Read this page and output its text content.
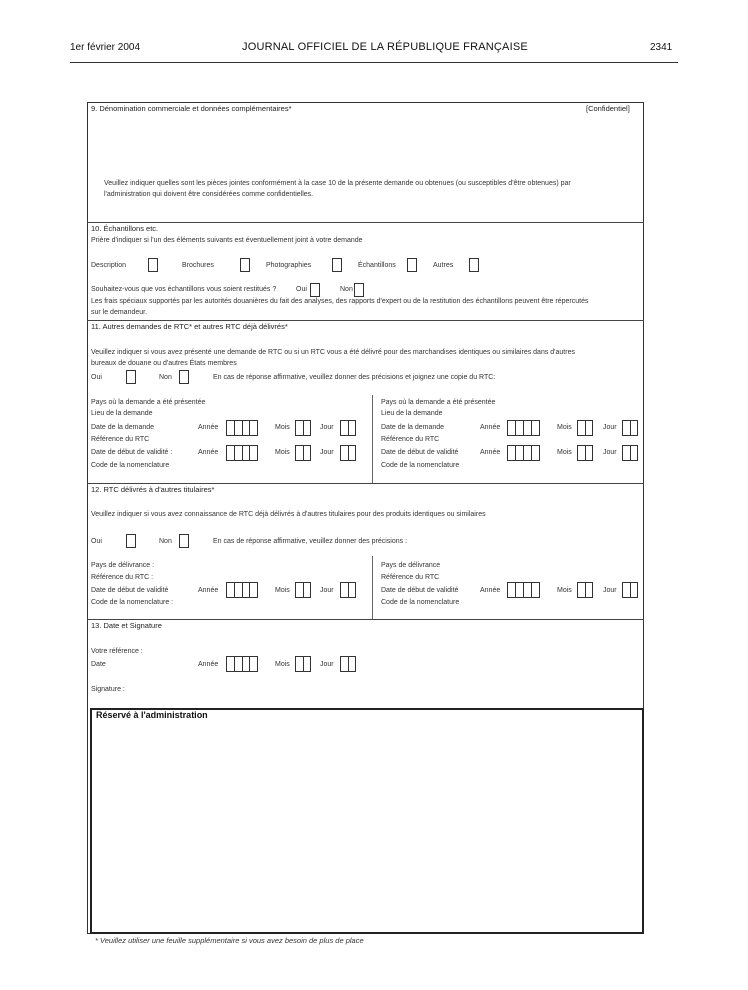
1er février 2004	JOURNAL OFFICIEL DE LA RÉPUBLIQUE FRANÇAISE	2341
9. Dénomination commerciale et données complémentaires*	[Confidentiel]
Veuillez indiquer quelles sont les pièces jointes conformément à la case 10 de la présente demande ou obtenues (ou susceptibles d'être obtenues) par
l'administration qui doivent être considérées comme confidentielles.
10. Échantillons etc.
Prière d'indiquer si l'un des éléments suivants est éventuellement joint à votre demande
Description	Brochures	Photographies	Échantillons	Autres
Souhaitez-vous que vos échantillons vous soient restitués ?	Oui	Non
Les frais spéciaux supportés par les autorités douanières du fait des analyses, des rapports d'expert ou de la restitution des échantillons peuvent être répercutés
sur le demandeur.
11. Autres demandes de RTC* et autres RTC déjà délivrés*
Veuillez indiquer si vous avez présenté une demande de RTC ou si un RTC vous a été délivré pour des marchandises identiques ou similaires dans d'autres
bureaux de douane ou d'autres États membres
Oui	Non	En cas de réponse affirmative, veuillez donner des précisions et joignez une copie du RTC:
Pays où la demande a été présentée
Lieu de la demande
Date de la demande	Année	Mois	Jour
Référence du RTC
Date de début de validité :	Année	Mois	Jour
Code de la nomenclature
Pays où la demande a été présentée
Lieu de la demande
Date de la demande	Année	Mois	Jour
Référence du RTC
Date de début de validité	Année	Mois	Jour
Code de la nomenclature
12. RTC délivrés à d'autres titulaires*
Veuillez indiquer si vous avez connaissance de RTC déjà délivrés à d'autres titulaires pour des produits identiques ou similaires
Oui	Non	En cas de réponse affirmative, veuillez donner des précisions :
Pays de délivrance :
Référence du RTC :
Date de début de validité	Année	Mois	Jour
Code de la nomenclature :
Pays de délivrance
Référence du RTC
Date de début de validité	Année	Mois	Jour
Code de la nomenclature
13. Date et Signature
Votre référence :
Date	Année	Mois	Jour
Signature :
Réservé à l'administration
* Veuillez utiliser une feuille supplémentaire si vous avez besoin de plus de place
